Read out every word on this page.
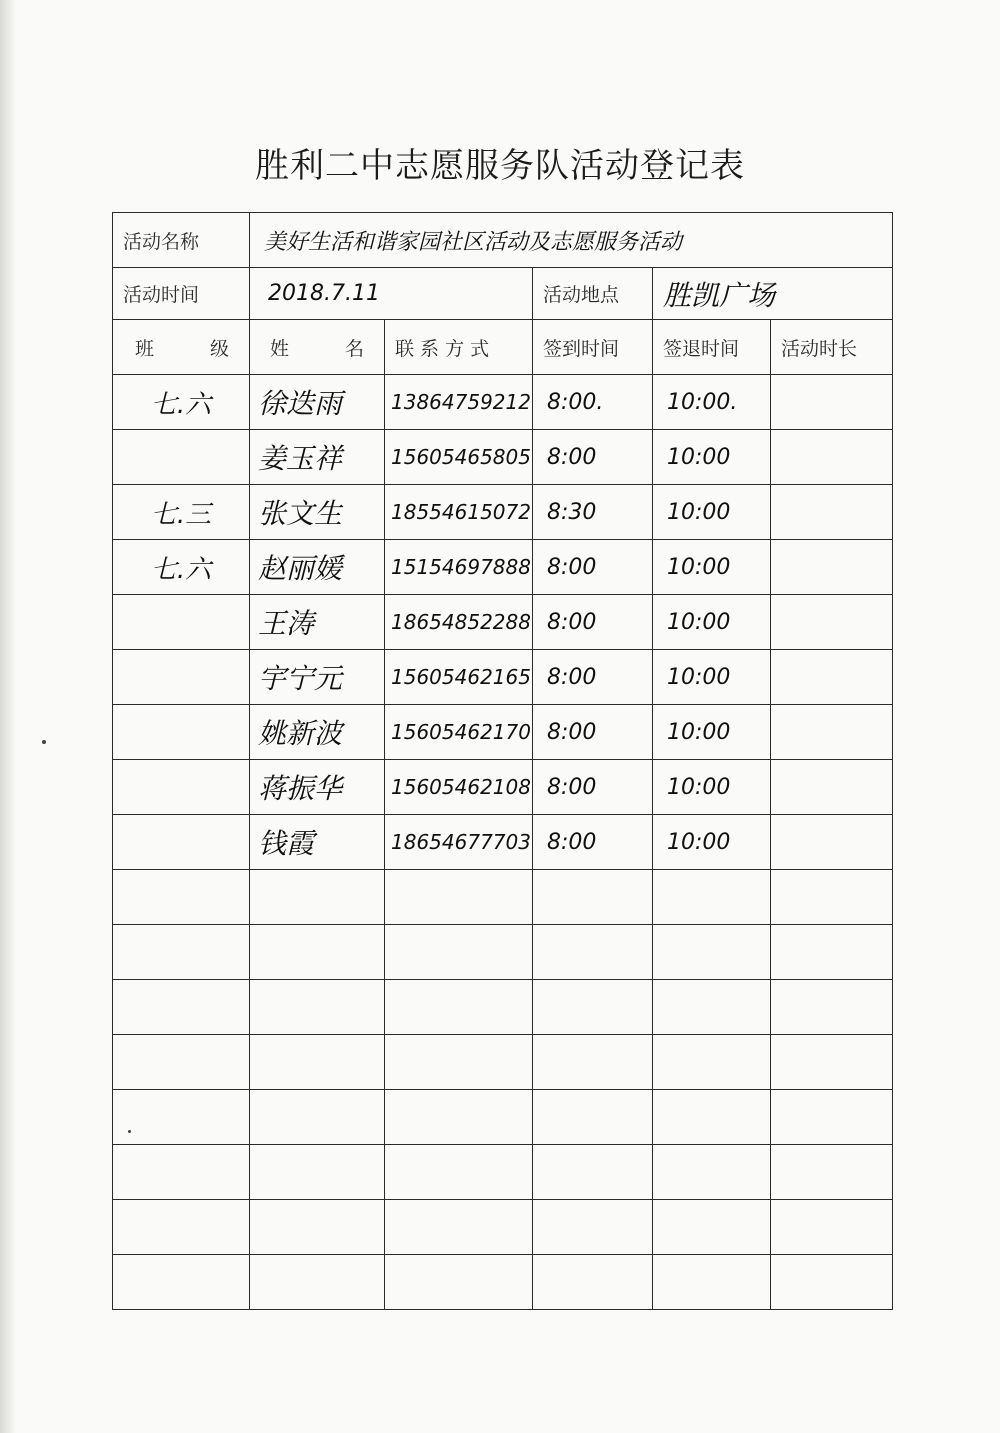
胜利二中志愿服务队活动登记表
活动名称	美好生活和谐家园社区活动及志愿服务活动				
活动时间	2018.7.11		活动地点	胜凯广场	

班 级	姓 名	联 系 方 式	签到时间	签退时间	活动时长
七.六	徐迭雨	13864759212	8:00.	10:00.	
	姜玉祥	15605465805	8:00	10:00	
七.三	张文生	18554615072	8:30	10:00	
七.六	赵丽媛	15154697888	8:00	10:00	
	王涛	18654852288	8:00	10:00	
	宇宁元	15605462165	8:00	10:00	
	姚新波	15605462170	8:00	10:00	
	蒋振华	15605462108	8:00	10:00	
	钱霞	18654677703	8:00	10:00	
